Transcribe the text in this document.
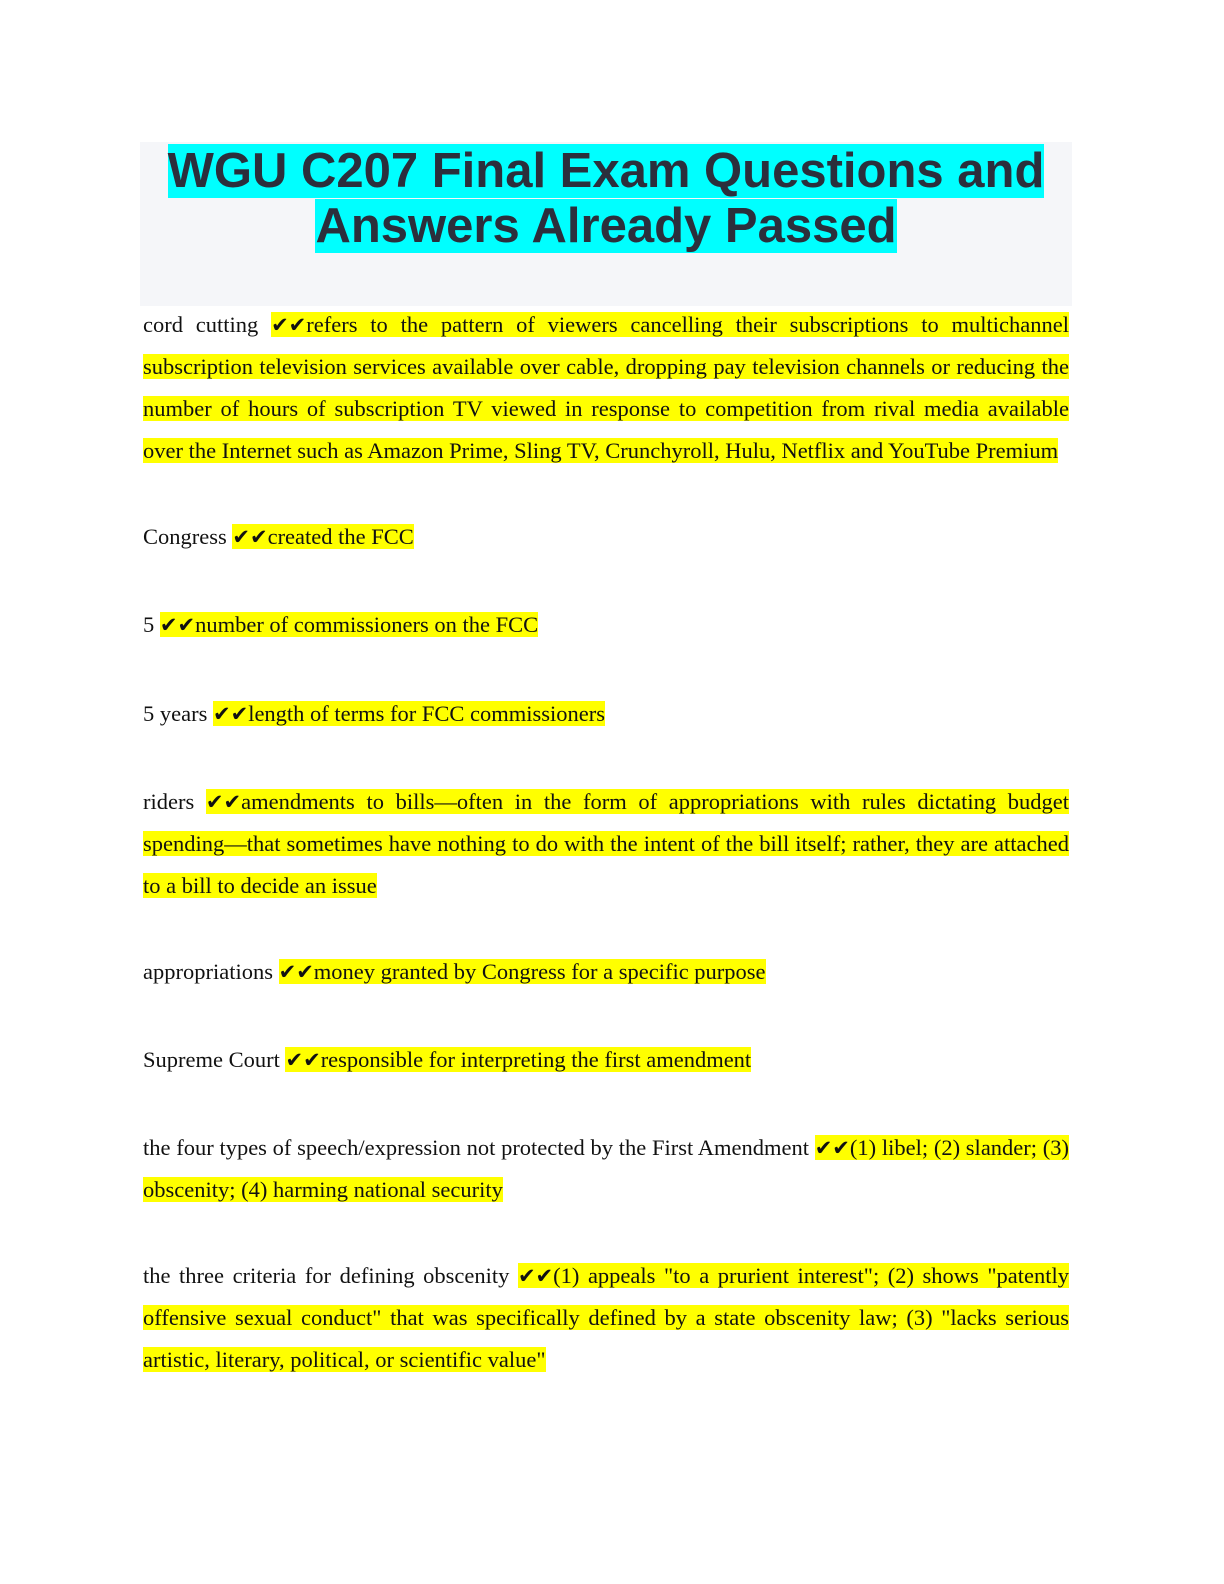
WGU C207 Final Exam Questions and
Answers Already Passed

cord cutting ✔✔refers to the pattern of viewers cancelling their subscriptions to multichannel subscription television services available over cable, dropping pay television channels or reducing the number of hours of subscription TV viewed in response to competition from rival media available over the Internet such as Amazon Prime, Sling TV, Crunchyroll, Hulu, Netflix and YouTube Premium

Congress ✔✔created the FCC

5 ✔✔number of commissioners on the FCC

5 years ✔✔length of terms for FCC commissioners

riders ✔✔amendments to bills—often in the form of appropriations with rules dictating budget spending—that sometimes have nothing to do with the intent of the bill itself; rather, they are attached to a bill to decide an issue

appropriations ✔✔money granted by Congress for a specific purpose

Supreme Court ✔✔responsible for interpreting the first amendment

the four types of speech/expression not protected by the First Amendment ✔✔(1) libel; (2) slander; (3) obscenity; (4) harming national security

the three criteria for defining obscenity ✔✔(1) appeals "to a prurient interest"; (2) shows "patently offensive sexual conduct" that was specifically defined by a state obscenity law; (3) "lacks serious artistic, literary, political, or scientific value"
